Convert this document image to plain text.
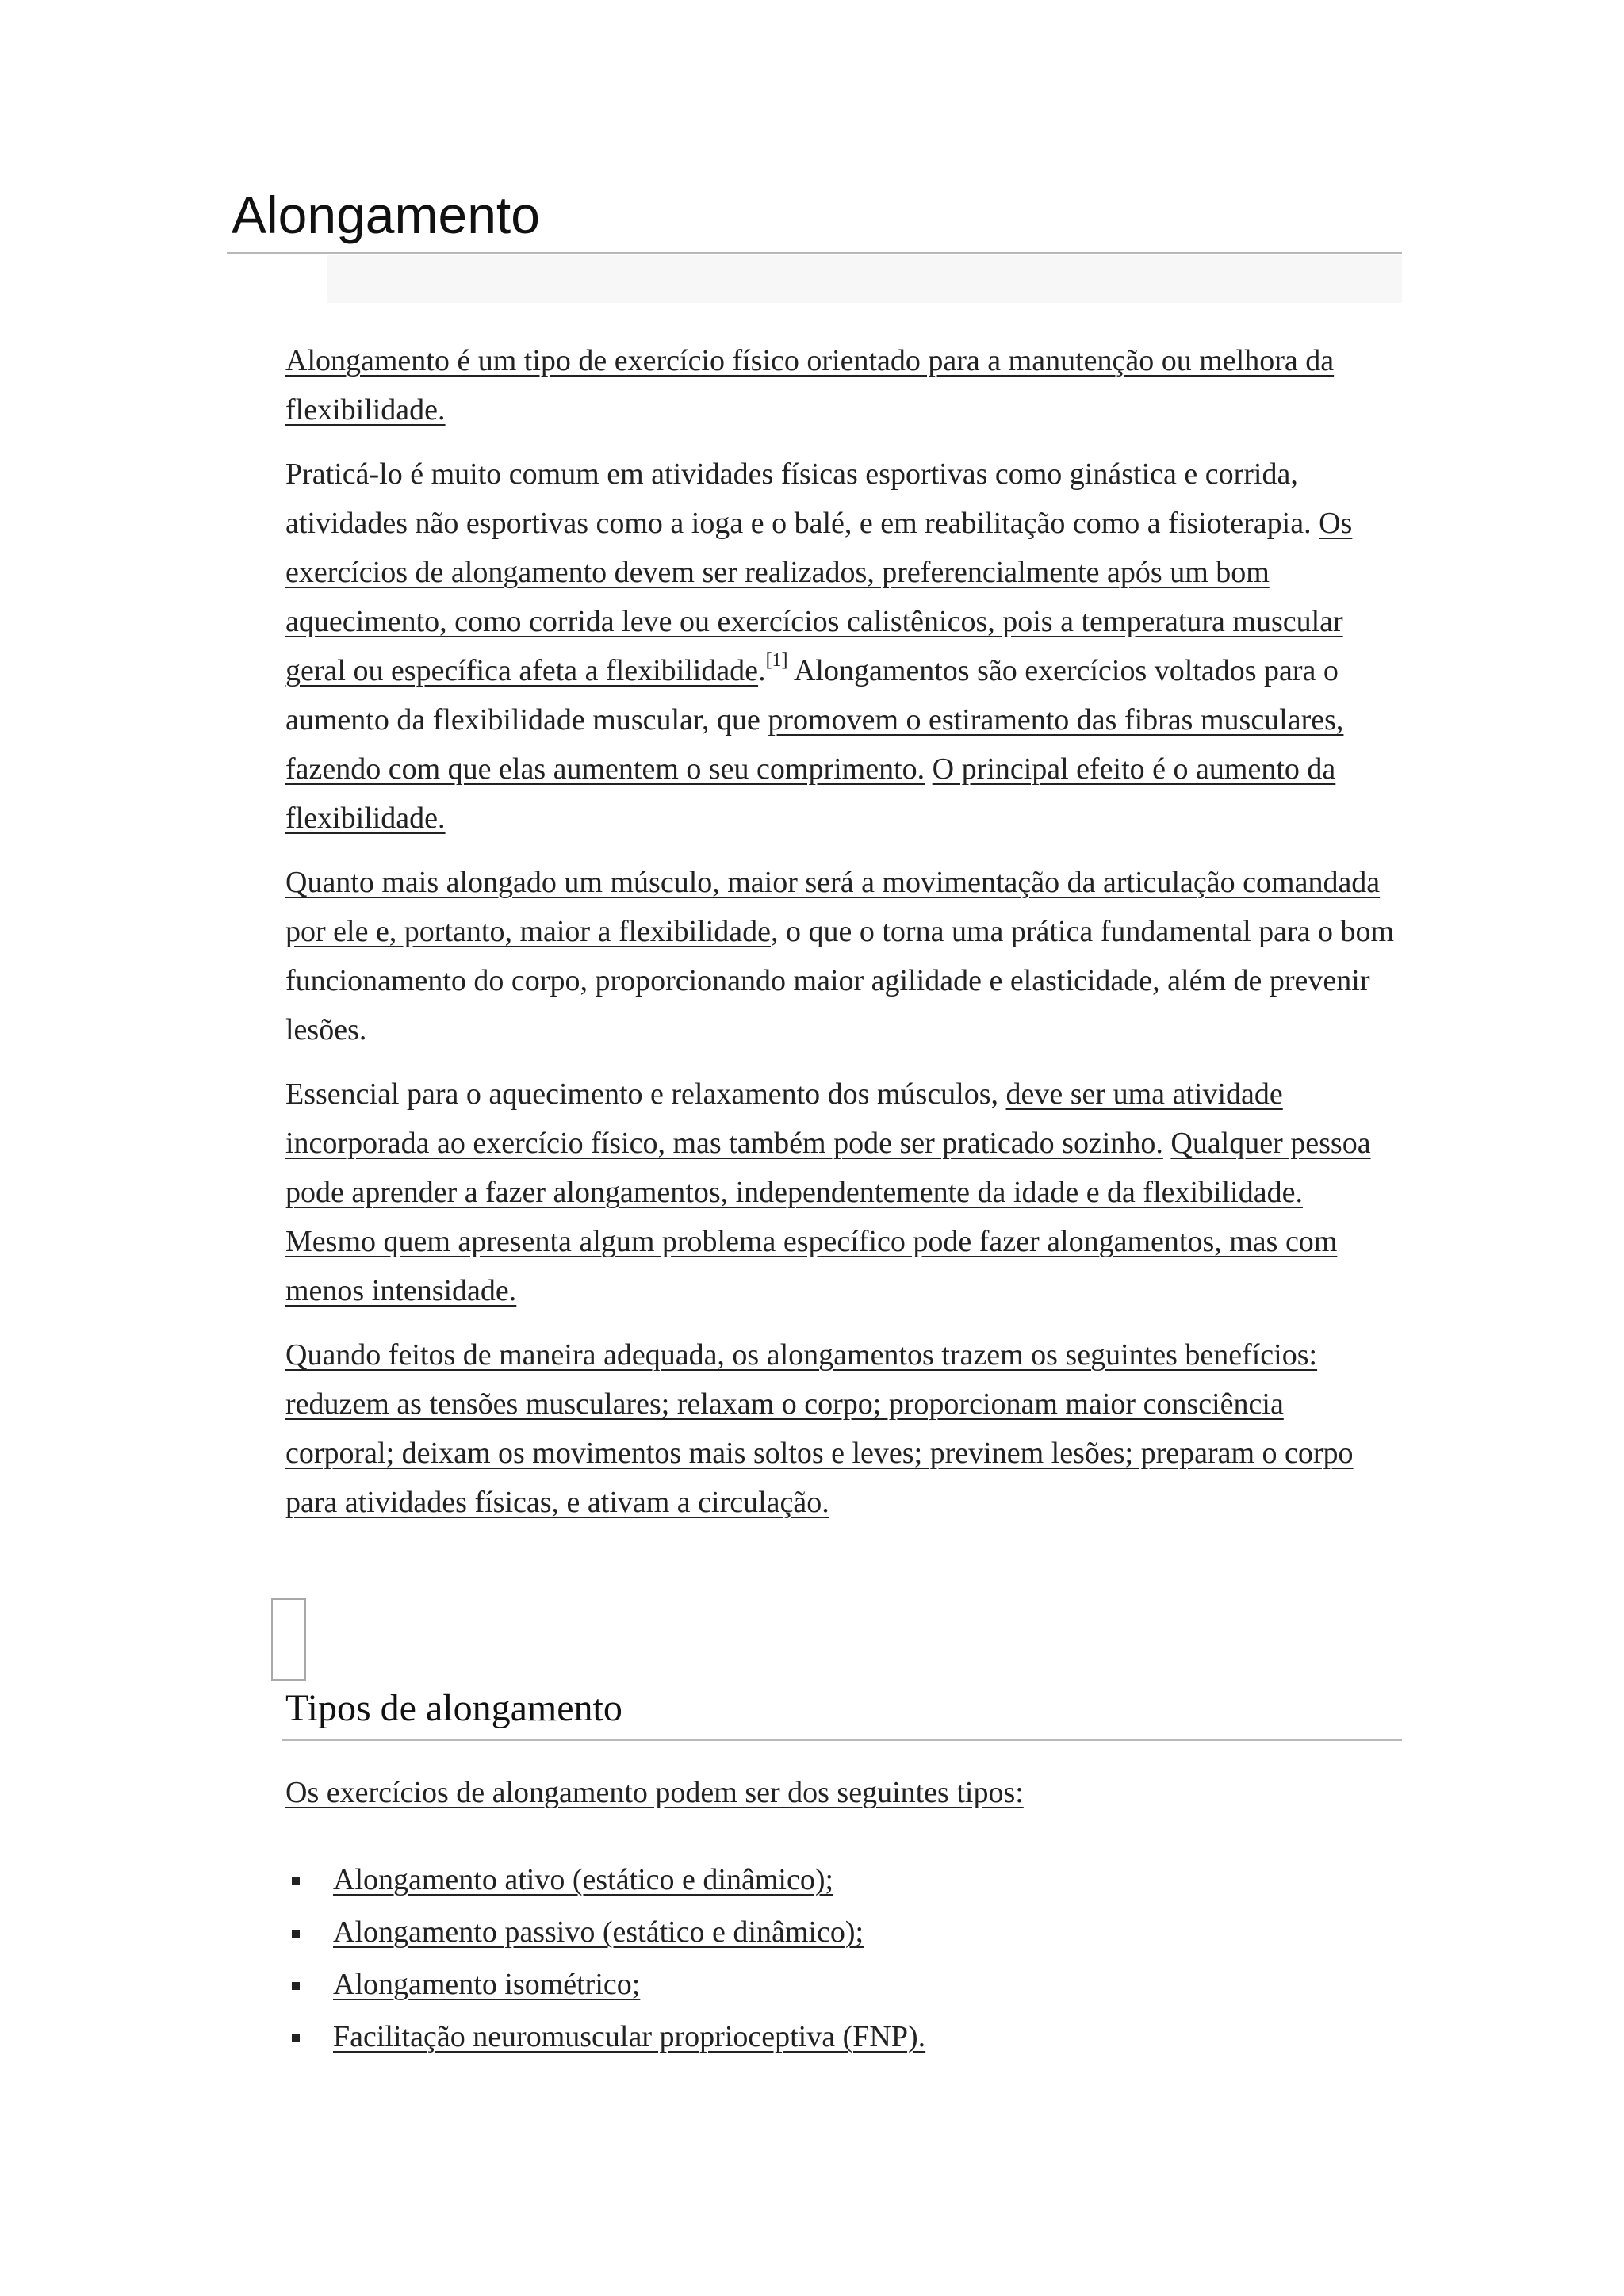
Alongamento

Alongamento é um tipo de exercício físico orientado para a manutenção ou melhora da flexibilidade.

Praticá-lo é muito comum em atividades físicas esportivas como ginástica e corrida, atividades não esportivas como a ioga e o balé, e em reabilitação como a fisioterapia. Os exercícios de alongamento devem ser realizados, preferencialmente após um bom aquecimento, como corrida leve ou exercícios calistênicos, pois a temperatura muscular geral ou específica afeta a flexibilidade.[1] Alongamentos são exercícios voltados para o aumento da flexibilidade muscular, que promovem o estiramento das fibras musculares, fazendo com que elas aumentem o seu comprimento. O principal efeito é o aumento da flexibilidade.

Quanto mais alongado um músculo, maior será a movimentação da articulação comandada por ele e, portanto, maior a flexibilidade, o que o torna uma prática fundamental para o bom funcionamento do corpo, proporcionando maior agilidade e elasticidade, além de prevenir lesões.

Essencial para o aquecimento e relaxamento dos músculos, deve ser uma atividade incorporada ao exercício físico, mas também pode ser praticado sozinho. Qualquer pessoa pode aprender a fazer alongamentos, independentemente da idade e da flexibilidade. Mesmo quem apresenta algum problema específico pode fazer alongamentos, mas com menos intensidade.

Quando feitos de maneira adequada, os alongamentos trazem os seguintes benefícios: reduzem as tensões musculares; relaxam o corpo; proporcionam maior consciência corporal; deixam os movimentos mais soltos e leves; previnem lesões; preparam o corpo para atividades físicas, e ativam a circulação.

Tipos de alongamento

Os exercícios de alongamento podem ser dos seguintes tipos:

Alongamento ativo (estático e dinâmico);
Alongamento passivo (estático e dinâmico);
Alongamento isométrico;
Facilitação neuromuscular proprioceptiva (FNP).
